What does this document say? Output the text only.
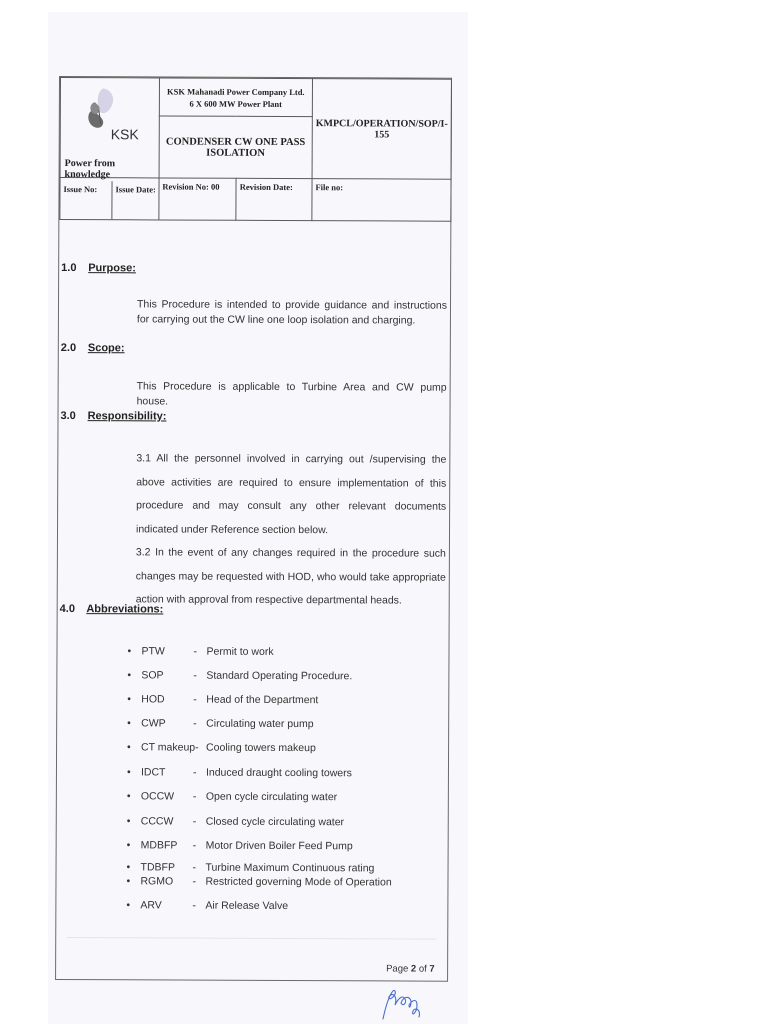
KSK
Power from knowledge

KSK Mahanadi Power Company Ltd.
6 X 600 MW Power Plant
	KMPCL/OPERATION/SOP/I-155
	CONDENSER CW ONE PASS ISOLATION		

Issue No: Issue Date:	Revision No: 00	Revision Date:	File no:
1.0 Purpose:
This Procedure is intended to provide guidance and instructions for carrying out the CW line one loop isolation and charging.
2.0 Scope:
This Procedure is applicable to Turbine Area and CW pump house.
3.0 Responsibility:
3.1 All the personnel involved in carrying out /supervising the above activities are required to ensure implementation of this procedure and may consult any other relevant documents indicated under Reference section below.
3.2 In the event of any changes required in the procedure such changes may be requested with HOD, who would take appropriate action with approval from respective departmental heads.
4.0 Abbreviations:
• PTW	- Permit to work
• SOP	- Standard Operating Procedure.
• HOD	- Head of the Department
• CWP	- Circulating water pump
• CT makeup- Cooling towers makeup
• IDCT	- Induced draught cooling towers
• OCCW - Open cycle circulating water
• CCCW - Closed cycle circulating water
• MDBFP - Motor Driven Boiler Feed Pump
• TDBFP - Turbine Maximum Continuous rating
• RGMO - Restricted governing Mode of Operation
• ARV	- Air Release Valve
Page 2 of 7
